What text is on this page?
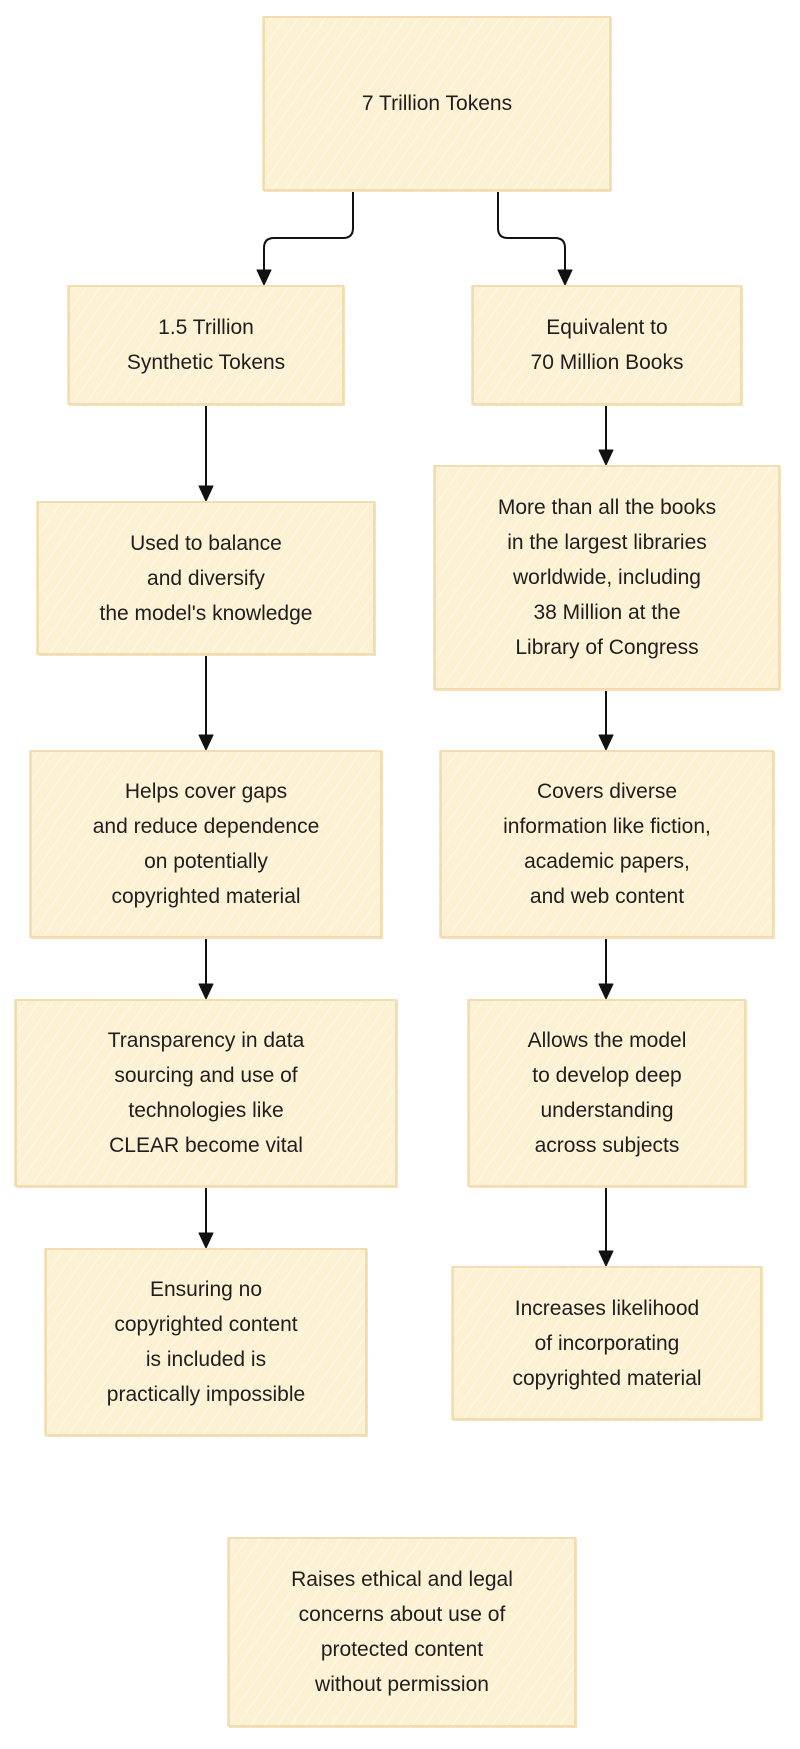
7 Trillion Tokens
1.5 Trillion
Synthetic Tokens
Equivalent to
70 Million Books
Used to balance
and diversify
the model's knowledge
More than all the books
in the largest libraries
worldwide, including
38 Million at the
Library of Congress
Helps cover gaps
and reduce dependence
on potentially
copyrighted material
Covers diverse
information like fiction,
academic papers,
and web content
Transparency in data
sourcing and use of
technologies like
CLEAR become vital
Allows the model
to develop deep
understanding
across subjects
Ensuring no
copyrighted content
is included is
practically impossible
Increases likelihood
of incorporating
copyrighted material
Raises ethical and legal
concerns about use of
protected content
without permission
